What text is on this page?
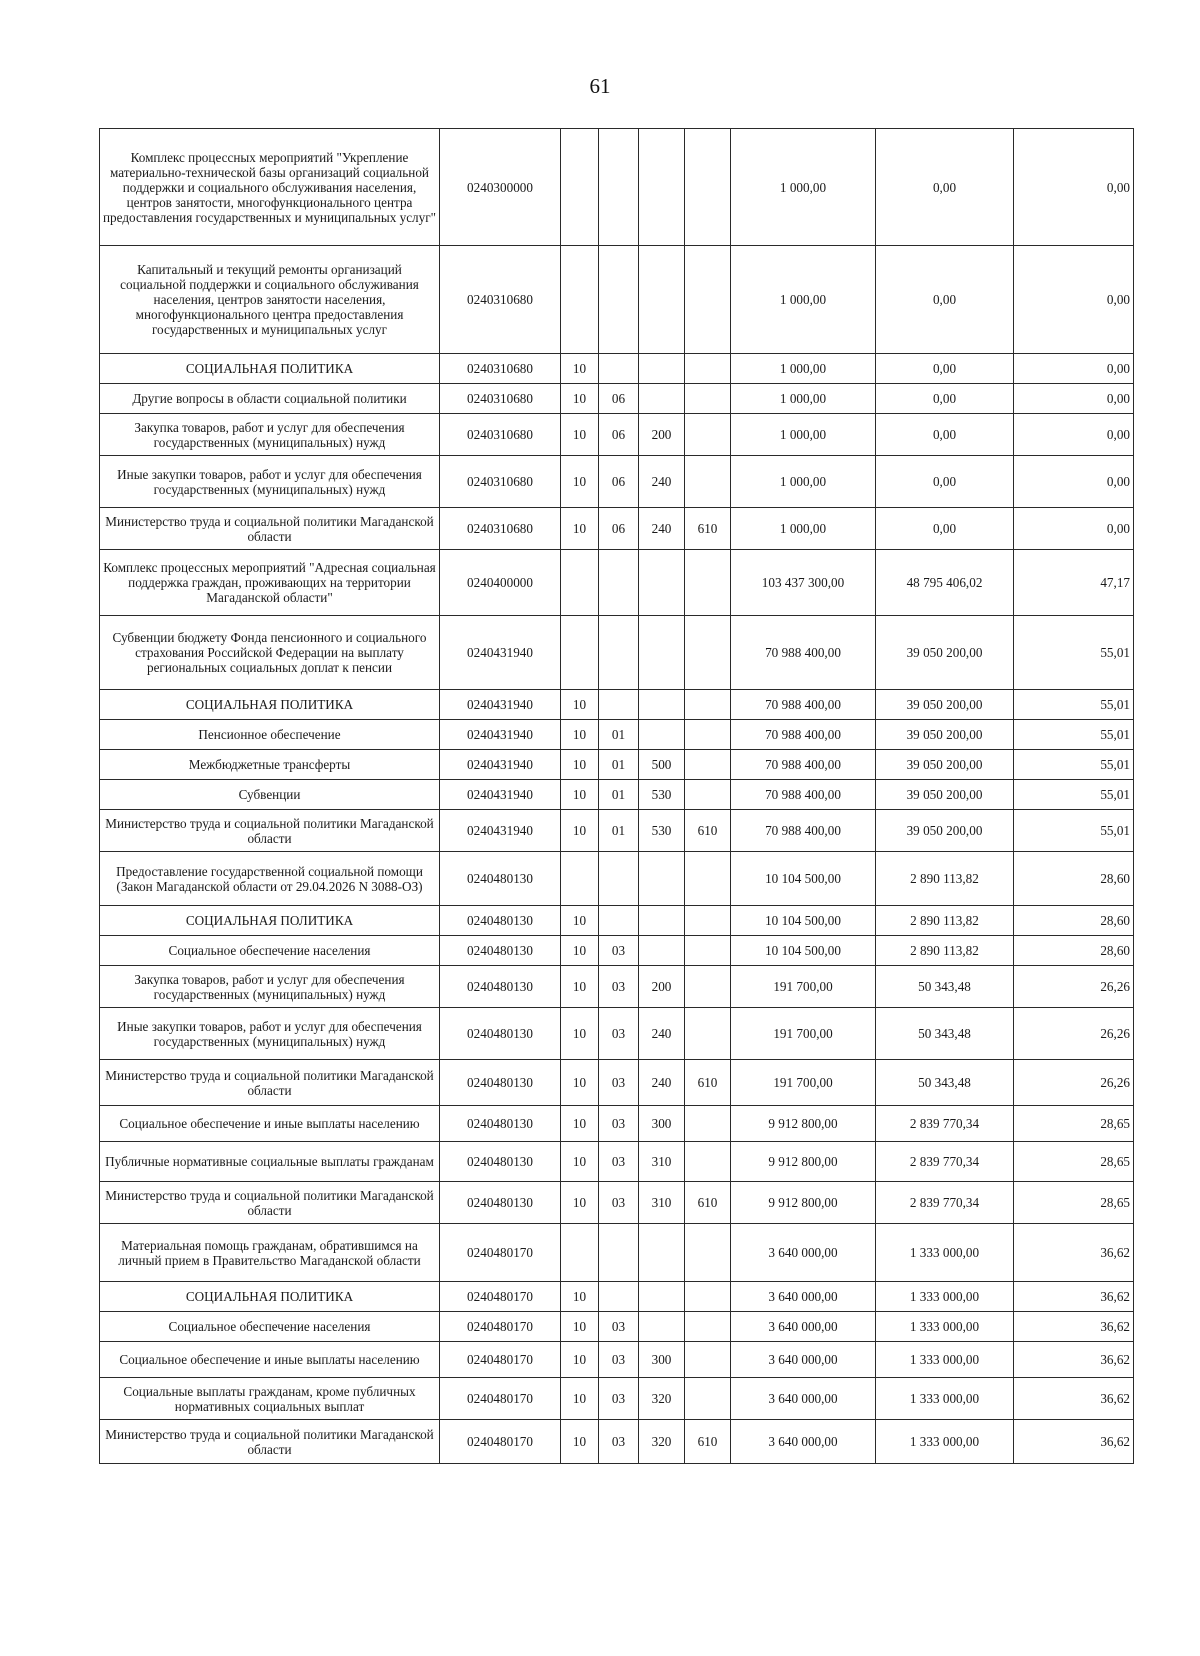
61
Комплекс процессных мероприятий "Укрепление материально-технической базы организаций социальной поддержки и социального обслуживания населения, центров занятости, многофункционального центра предоставления государственных и муниципальных услуг"	0240300000					1 000,00	0,00	0,00
Капитальный и текущий ремонты организаций социальной поддержки и социального обслуживания населения, центров занятости населения, многофункционального центра предоставления государственных и муниципальных услуг	0240310680					1 000,00	0,00	0,00
СОЦИАЛЬНАЯ ПОЛИТИКА	0240310680	10				1 000,00	0,00	0,00
Другие вопросы в области социальной политики	0240310680	10	06			1 000,00	0,00	0,00
Закупка товаров, работ и услуг для обеспечения государственных (муниципальных) нужд	0240310680	10	06	200		1 000,00	0,00	0,00
Иные закупки товаров, работ и услуг для обеспечения государственных (муниципальных) нужд	0240310680	10	06	240		1 000,00	0,00	0,00
Министерство труда и социальной политики Магаданской области	0240310680	10	06	240	610	1 000,00	0,00	0,00
Комплекс процессных мероприятий "Адресная социальная поддержка граждан, проживающих на территории Магаданской области"	0240400000					103 437 300,00	48 795 406,02	47,17
Субвенции бюджету Фонда пенсионного и социального страхования Российской Федерации на выплату региональных социальных доплат к пенсии	0240431940					70 988 400,00	39 050 200,00	55,01
СОЦИАЛЬНАЯ ПОЛИТИКА	0240431940	10				70 988 400,00	39 050 200,00	55,01
Пенсионное обеспечение	0240431940	10	01			70 988 400,00	39 050 200,00	55,01
Межбюджетные трансферты	0240431940	10	01	500		70 988 400,00	39 050 200,00	55,01
Субвенции	0240431940	10	01	530		70 988 400,00	39 050 200,00	55,01
Министерство труда и социальной политики Магаданской области	0240431940	10	01	530	610	70 988 400,00	39 050 200,00	55,01
Предоставление государственной социальной помощи (Закон Магаданской области от 29.04.2026 N 3088-ОЗ)	0240480130					10 104 500,00	2 890 113,82	28,60
СОЦИАЛЬНАЯ ПОЛИТИКА	0240480130	10				10 104 500,00	2 890 113,82	28,60
Социальное обеспечение населения	0240480130	10	03			10 104 500,00	2 890 113,82	28,60
Закупка товаров, работ и услуг для обеспечения государственных (муниципальных) нужд	0240480130	10	03	200		191 700,00	50 343,48	26,26
Иные закупки товаров, работ и услуг для обеспечения государственных (муниципальных) нужд	0240480130	10	03	240		191 700,00	50 343,48	26,26
Министерство труда и социальной политики Магаданской области	0240480130	10	03	240	610	191 700,00	50 343,48	26,26
Социальное обеспечение и иные выплаты населению	0240480130	10	03	300		9 912 800,00	2 839 770,34	28,65
Публичные нормативные социальные выплаты гражданам	0240480130	10	03	310		9 912 800,00	2 839 770,34	28,65
Министерство труда и социальной политики Магаданской области	0240480130	10	03	310	610	9 912 800,00	2 839 770,34	28,65
Материальная помощь гражданам, обратившимся на личный прием в Правительство Магаданской области	0240480170					3 640 000,00	1 333 000,00	36,62
СОЦИАЛЬНАЯ ПОЛИТИКА	0240480170	10				3 640 000,00	1 333 000,00	36,62
Социальное обеспечение населения	0240480170	10	03			3 640 000,00	1 333 000,00	36,62
Социальное обеспечение и иные выплаты населению	0240480170	10	03	300		3 640 000,00	1 333 000,00	36,62
Социальные выплаты гражданам, кроме публичных нормативных социальных выплат	0240480170	10	03	320		3 640 000,00	1 333 000,00	36,62
Министерство труда и социальной политики Магаданской области	0240480170	10	03	320	610	3 640 000,00	1 333 000,00	36,62
